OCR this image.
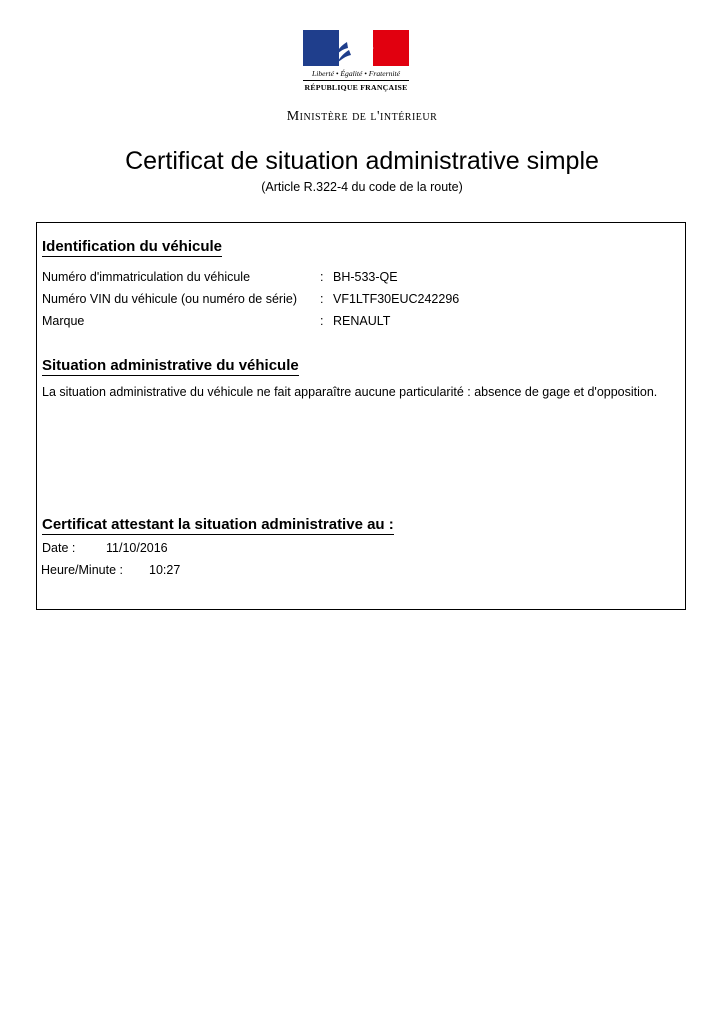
Liberté • Égalité • Fraternité
RÉPUBLIQUE FRANÇAISE
Ministère de l'intérieur
Certificat de situation administrative simple
(Article R.322-4 du code de la route)
Identification du véhicule
Numéro d'immatriculation du véhicule	: BH-533-QE
Numéro VIN du véhicule (ou numéro de série) : VF1LTF30EUC242296
Marque	: RENAULT
Situation administrative du véhicule
La situation administrative du véhicule ne fait apparaître aucune particularité : absence de gage et d'opposition.
Certificat attestant la situation administrative au :
Date : 11/10/2016
Heure/Minute : 10:27
